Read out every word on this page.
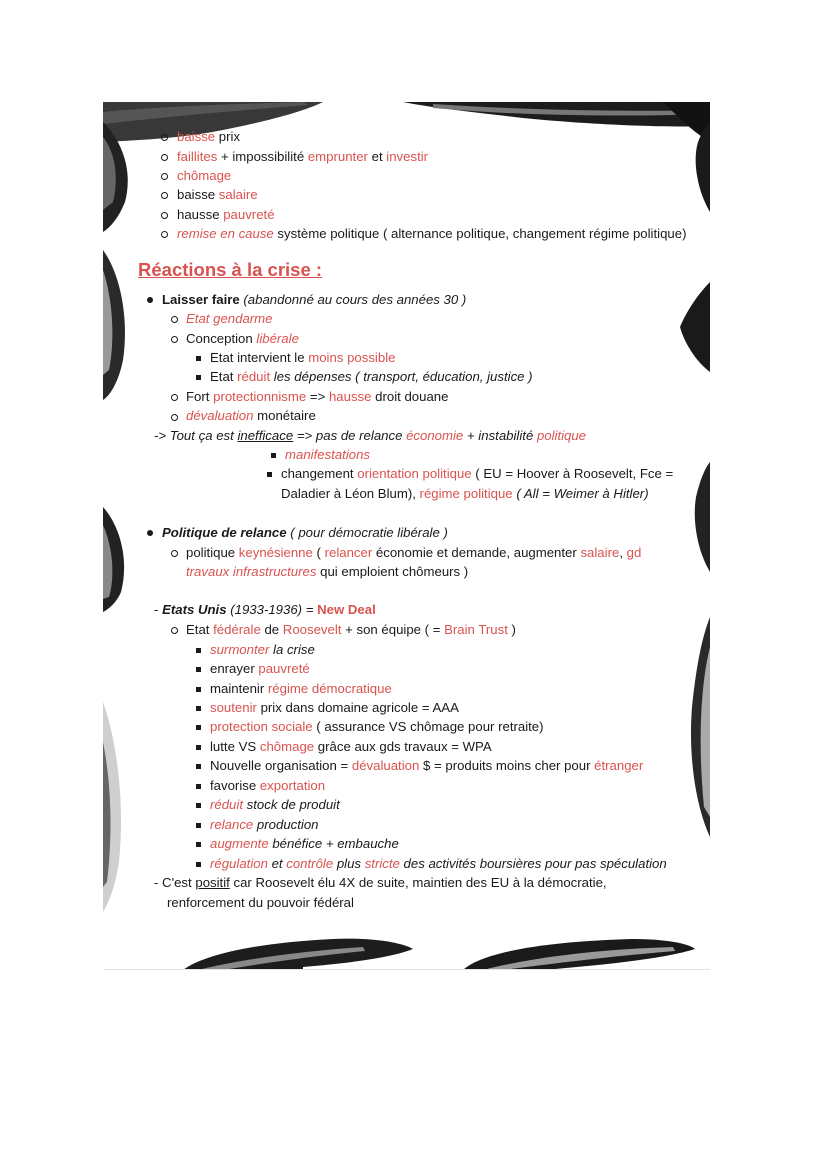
baisse prix
faillites + impossibilité emprunter et investir
chômage
baisse salaire
hausse pauvreté
remise en cause système politique ( alternance politique, changement régime politique)
Réactions à la crise :
Laisser faire (abandonné au cours des années 30 )
Etat gendarme
Conception libérale
Etat intervient le moins possible
Etat réduit les dépenses ( transport, éducation, justice )
Fort protectionnisme => hausse droit douane
dévaluation monétaire
-> Tout ça est inefficace => pas de relance économie + instabilité politique
manifestations
changement orientation politique ( EU = Hoover à Roosevelt, Fce =
Daladier à Léon Blum), régime politique ( All = Weimer à Hitler)
Politique de relance ( pour démocratie libérale )
politique keynésienne ( relancer économie et demande, augmenter salaire, gd
travaux infrastructures qui emploient chômeurs )
- Etats Unis (1933-1936) = New Deal
Etat fédérale de Roosevelt + son équipe ( = Brain Trust )
surmonter la crise
enrayer pauvreté
maintenir régime démocratique
soutenir prix dans domaine agricole = AAA
protection sociale ( assurance VS chômage pour retraite)
lutte VS chômage grâce aux gds travaux = WPA
Nouvelle organisation = dévaluation $ = produits moins cher pour étranger
favorise exportation
réduit stock de produit
relance production
augmente bénéfice + embauche
régulation et contrôle plus stricte des activités boursières pour pas spéculation
- C'est positif car Roosevelt élu 4X de suite, maintien des EU à la démocratie,
renforcement du pouvoir fédéral
